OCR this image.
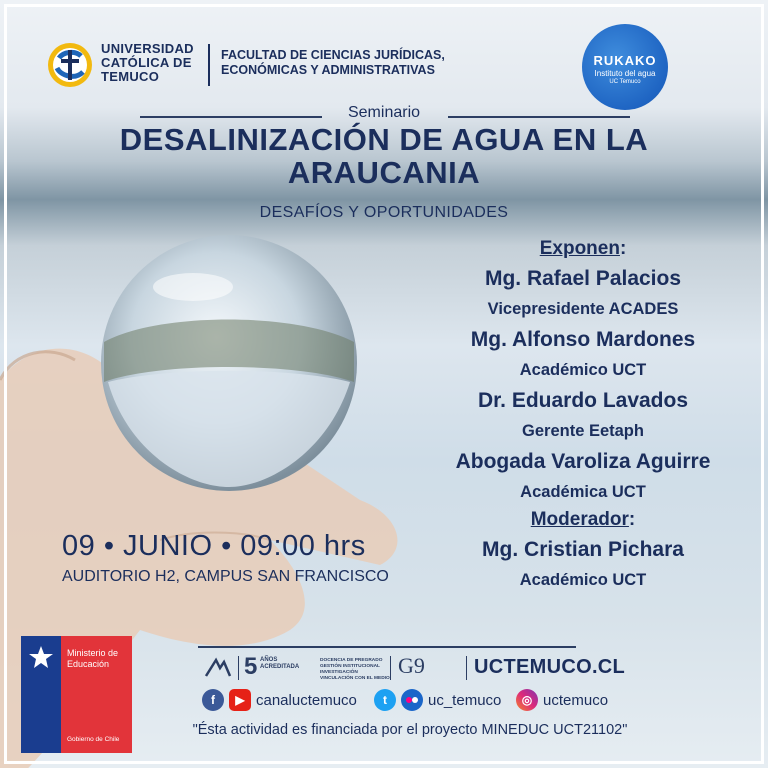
UNIVERSIDAD
CATÓLICA DE
TEMUCO
FACULTAD DE CIENCIAS JURÍDICAS,
ECONÓMICAS Y ADMINISTRATIVAS
RUKAKO
Instituto del agua
UC Temuco
Seminario
DESALINIZACIÓN DE AGUA EN LA
ARAUCANIA
DESAFÍOS Y OPORTUNIDADES
Exponen:
Mg. Rafael Palacios
Vicepresidente ACADES
Mg. Alfonso Mardones
Académico UCT
Dr. Eduardo Lavados
Gerente Eetaph
Abogada Varoliza Aguirre
Académica UCT
Moderador:
Mg. Cristian Pichara
Académico UCT
09 • JUNIO • 09:00 hrs
AUDITORIO H2, CAMPUS SAN FRANCISCO
Ministerio de
Educación
Gobierno de Chile
5 AÑOS
ACREDITADA
DOCENCIA DE PREGRADO
GESTIÓN INSTITUCIONAL
INVESTIGACIÓN
VINCULACIÓN CON EL MEDIO
G9 UCTEMUCO.CL
f	▶ canaluctemuco	t	uc_temuco	◎ uctemuco
"Ésta actividad es financiada por el proyecto MINEDUC UCT21102"
